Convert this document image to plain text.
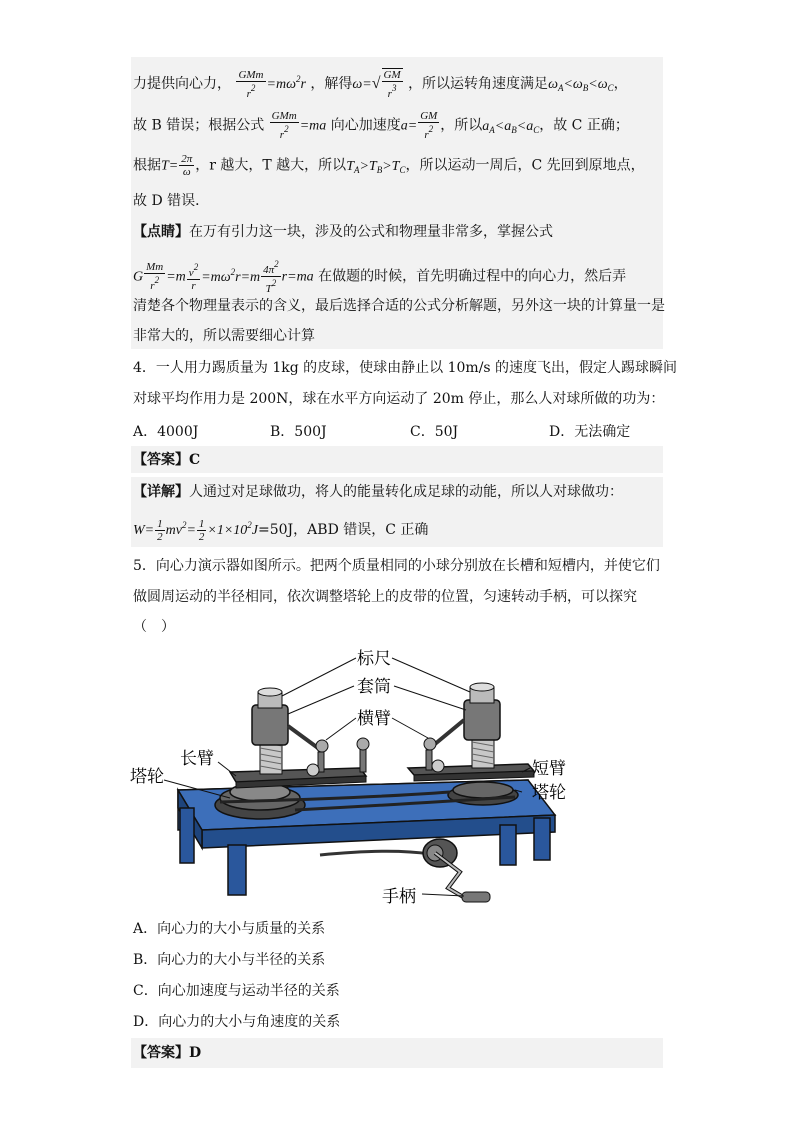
力提供向心力， $\frac{\text{GMm}}{r^2} =m\omega^2r$ ，解得$\omega=√ \frac{GM}{r^3}$ ，所以运转角速度满足$\omega_A<\omega_B<\omega_C$，
故 B 错误；根据公式 $\frac{\text{GMm}}{r^2} =ma$ 向心加速度$a= \frac{GM}{r^2}$ ，所以$a_A<a_B<a_C$，故 C 正确；
根据$T= \frac{2\pi}{\omega}$ ，r 越大，T 越大，所以$T_A>T_B>T_C$，所以运动一周后，C 先回到原地点，
故 D 错误．
【点睛】在万有引力这一块，涉及的公式和物理量非常多，掌握公式
G $\frac{Mm}{r^2} =m \frac{v^2}{r} =m\omega^2r=m \frac{4\pi^2}{T^2} r=ma$ 在做题的时候，首先明确过程中的向心力，然后弄
清楚各个物理量表示的含义，最后选择合适的公式分析解题，另外这一块的计算量一是
非常大的，所以需要细心计算
4．一人用力踢质量为 1kg 的皮球，使球由静止以 10m/s 的速度飞出，假定人踢球瞬间
对球平均作用力是 200N，球在水平方向运动了 20m 停止，那么人对球所做的功为：
A．4000J	B．500J	C．50J	D．无法确定
【答案】C
【详解】人通过对足球做功，将人的能量转化成足球的动能，所以人对球做功：
$W= \frac{1}{2} mv^2= \frac{1}{2} \times 1\times 10^2J=50J$，ABD 错误，C 正确
5．向心力演示器如图所示。把两个质量相同的小球分别放在长槽和短槽内，并使它们
做圆周运动的半径相同，依次调整塔轮上的皮带的位置，匀速转动手柄，可以探究
（　）
标尺
套筒
横臂
长臂
塔轮	短臂
塔轮
手柄
A．向心力的大小与质量的关系
B．向心力的大小与半径的关系
C．向心加速度与运动半径的关系
D．向心力的大小与角速度的关系
【答案】D
